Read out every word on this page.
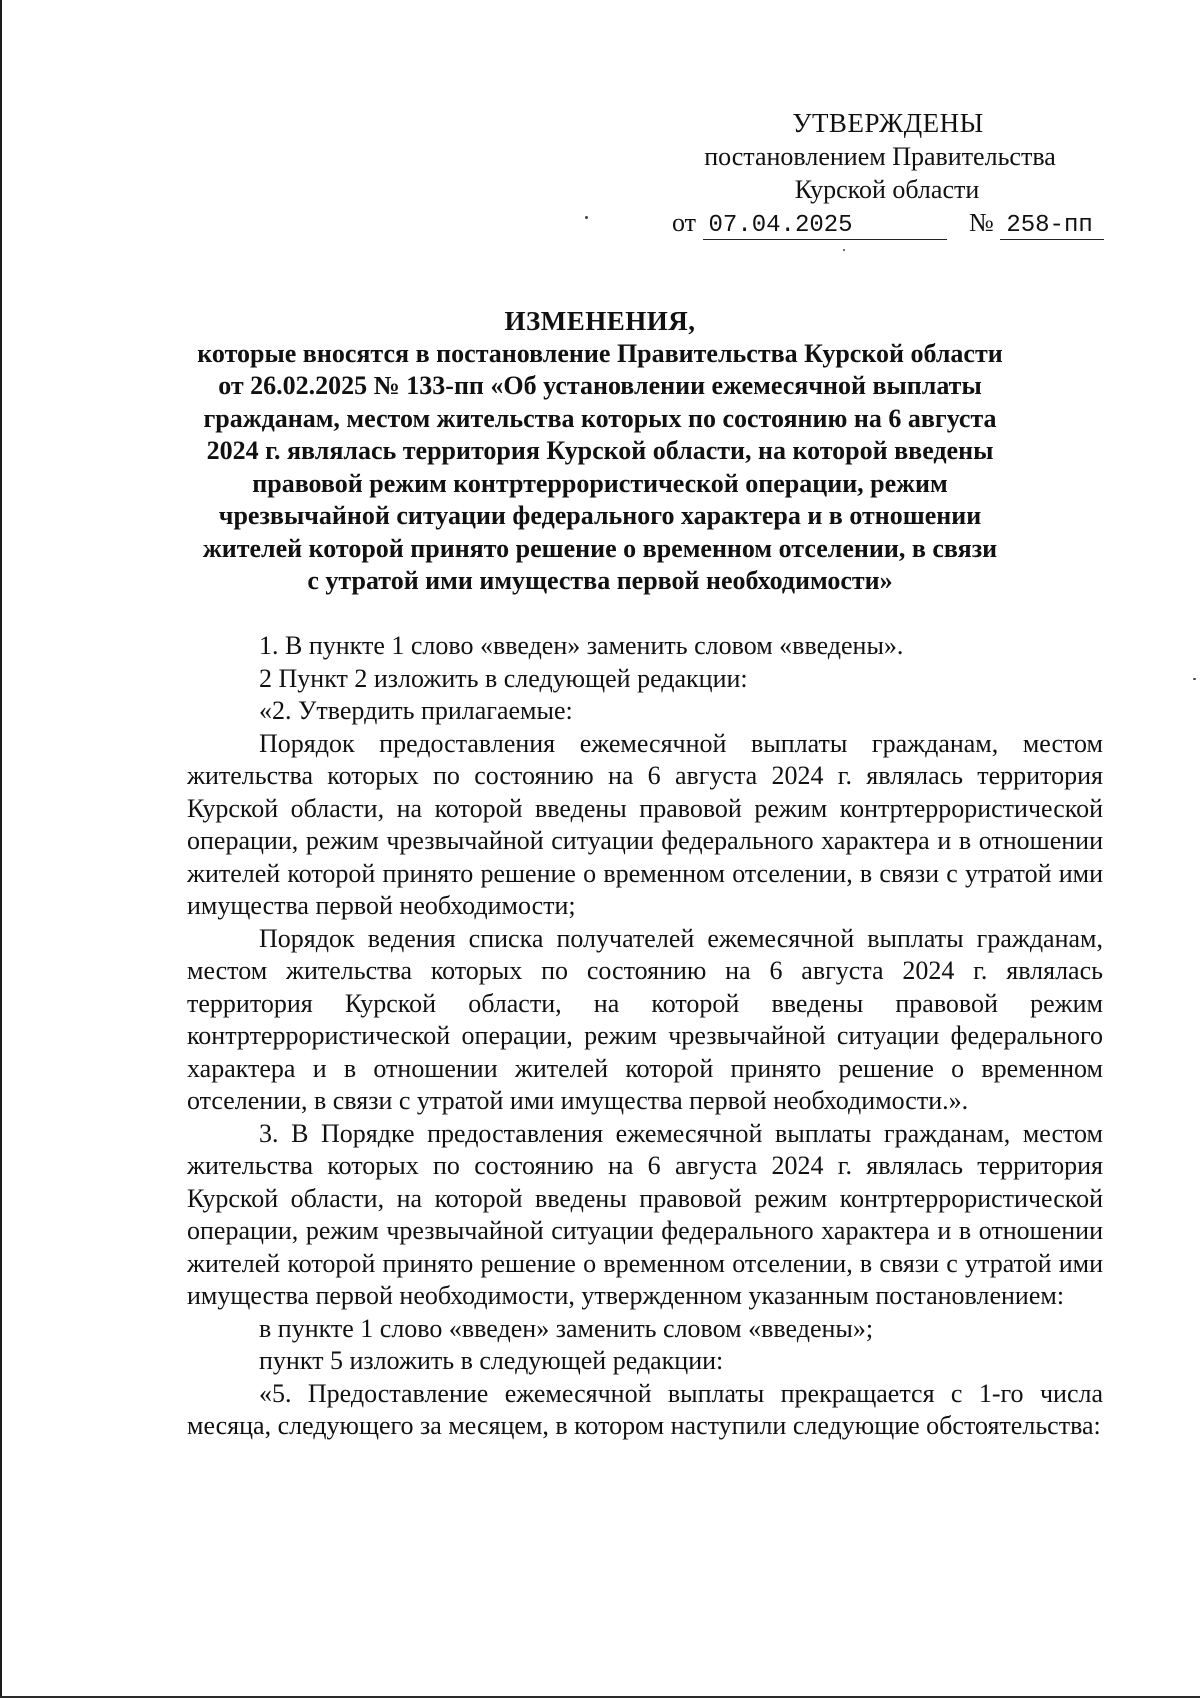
УТВЕРЖДЕНЫ
постановлением Правительства
Курской области
от 07.04.2025	№ 258-пп
ИЗМЕНЕНИЯ,
которые вносятся в постановление Правительства Курской области
от 26.02.2025 № 133-пп «Об установлении ежемесячной выплаты
гражданам, местом жительства которых по состоянию на 6 августа
2024 г. являлась территория Курской области, на которой введены
правовой режим контртеррористической операции, режим
чрезвычайной ситуации федерального характера и в отношении
жителей которой принято решение о временном отселении, в связи
с утратой ими имущества первой необходимости»

1. В пункте 1 слово «введен» заменить словом «введены».

2 Пункт 2 изложить в следующей редакции:

«2. Утвердить прилагаемые:

Порядок предоставления ежемесячной выплаты гражданам, местом жительства которых по состоянию на 6 августа 2024 г. являлась территория Курской области, на которой введены правовой режим контртеррористической операции, режим чрезвычайной ситуации федерального характера и в отношении жителей которой принято решение о временном отселении, в связи с утратой ими имущества первой необходимости;

Порядок ведения списка получателей ежемесячной выплаты гражданам, местом жительства которых по состоянию на 6 августа 2024 г. являлась территория Курской области, на которой введены правовой режим контртеррористической операции, режим чрезвычайной ситуации федерального характера и в отношении жителей которой принято решение о временном отселении, в связи с утратой ими имущества первой необходимости.».

3. В Порядке предоставления ежемесячной выплаты гражданам, местом жительства которых по состоянию на 6 августа 2024 г. являлась территория Курской области, на которой введены правовой режим контртеррористической операции, режим чрезвычайной ситуации федерального характера и в отношении жителей которой принято решение о временном отселении, в связи с утратой ими имущества первой необходимости, утвержденном указанным постановлением:

в пункте 1 слово «введен» заменить словом «введены»;

пункт 5 изложить в следующей редакции:

«5. Предоставление ежемесячной выплаты прекращается с 1-го числа месяца, следующего за месяцем, в котором наступили следующие обстоятельства:
